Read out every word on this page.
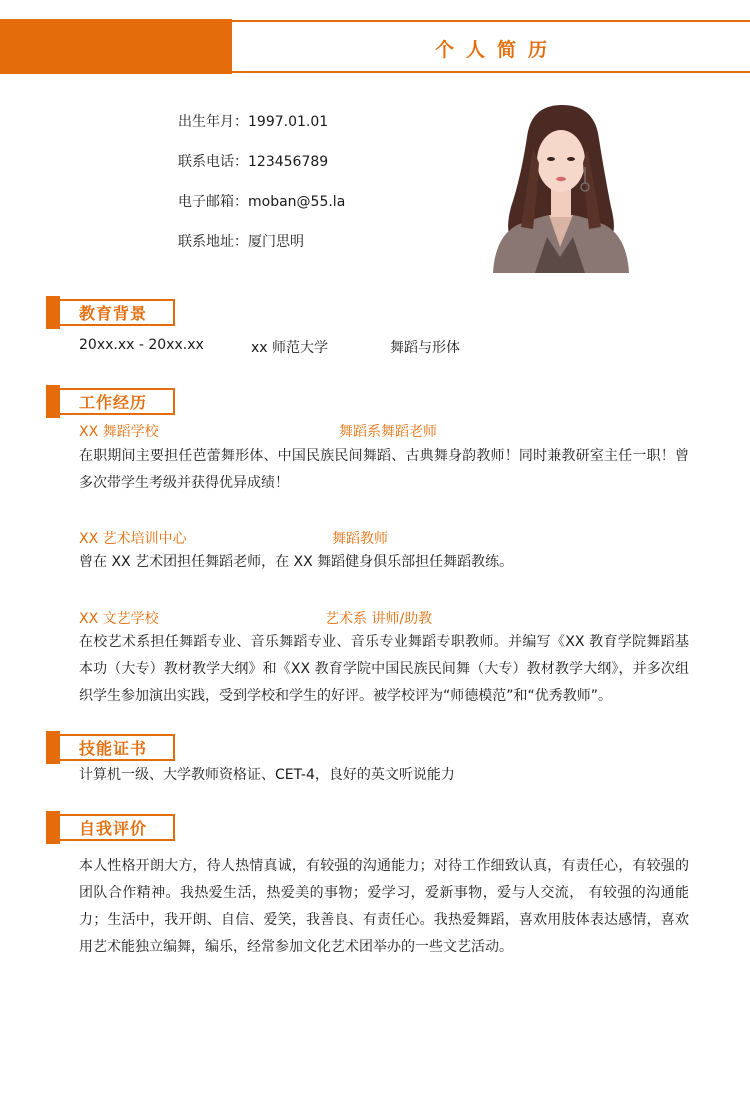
个人简历
出生年月：1997.01.01
联系电话：123456789
电子邮箱：moban@55.la
联系地址：厦门思明
教育背景
20xx.xx - 20xx.xx	xx 师范大学	舞蹈与形体
工作经历
XX 舞蹈学校	舞蹈系舞蹈老师
在职期间主要担任芭蕾舞形体、中国民族民间舞蹈、古典舞身韵教师！同时兼教研室主任一职！曾多次带学生考级并获得优异成绩！
XX 艺术培训中心	舞蹈教师
曾在 XX 艺术团担任舞蹈老师，在 XX 舞蹈健身俱乐部担任舞蹈教练。
XX 文艺学校	艺术系 讲师/助教
在校艺术系担任舞蹈专业、音乐舞蹈专业、音乐专业舞蹈专职教师。并编写《XX 教育学院舞蹈基本功（大专）教材教学大纲》和《XX 教育学院中国民族民间舞（大专）教材教学大纲》，并多次组织学生参加演出实践，受到学校和学生的好评。被学校评为“师德模范”和“优秀教师”。
技能证书
计算机一级、大学教师资格证、CET-4，良好的英文听说能力
自我评价
本人性格开朗大方，待人热情真诚，有较强的沟通能力；对待工作细致认真，有责任心，有较强的团队合作精神。我热爱生活，热爱美的事物；爱学习，爱新事物，爱与人交流， 有较强的沟通能力；生活中，我开朗、自信、爱笑，我善良、有责任心。我热爱舞蹈，喜欢用肢体表达感情，喜欢用艺术能独立编舞，编乐，经常参加文化艺术团举办的一些文艺活动。
